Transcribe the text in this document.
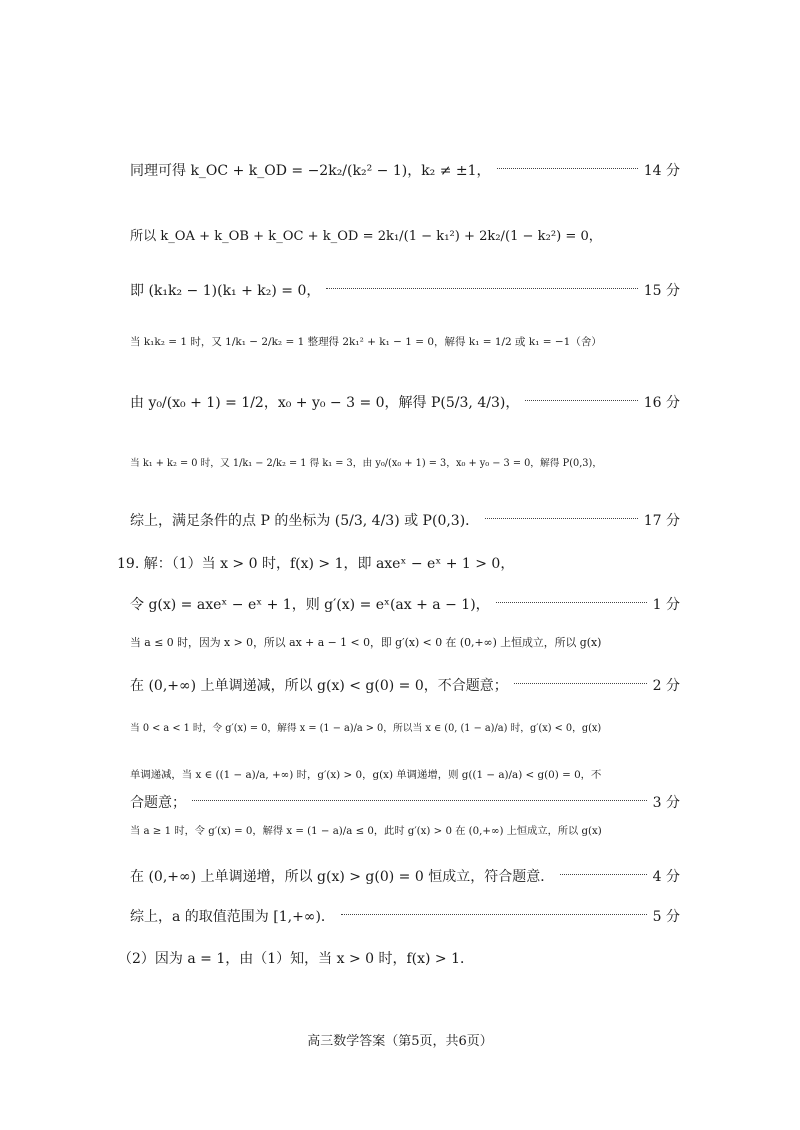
同理可得 k_OC + k_OD = −2k₂/(k₂² − 1)，k₂ ≠ ±1，	14 分
所以 k_OA + k_OB + k_OC + k_OD = 2k₁/(1 − k₁²) + 2k₂/(1 − k₂²) = 0，
即 (k₁k₂ − 1)(k₁ + k₂) = 0，	15 分
当 k₁k₂ = 1 时，又 1/k₁ − 2/k₂ = 1 整理得 2k₁² + k₁ − 1 = 0，解得 k₁ = 1/2 或 k₁ = −1（舍）
由 y₀/(x₀ + 1) = 1/2，x₀ + y₀ − 3 = 0，解得 P(5/3, 4/3)，	16 分
当 k₁ + k₂ = 0 时，又 1/k₁ − 2/k₂ = 1 得 k₁ = 3，由 y₀/(x₀ + 1) = 3，x₀ + y₀ − 3 = 0，解得 P(0,3)，
综上，满足条件的点 P 的坐标为 (5/3, 4/3) 或 P(0,3)．	17 分
19. 解：（1）当 x > 0 时，f(x) > 1，即 axeˣ − eˣ + 1 > 0，
令 g(x) = axeˣ − eˣ + 1，则 g′(x) = eˣ(ax + a − 1)，	1 分
当 a ≤ 0 时，因为 x > 0，所以 ax + a − 1 < 0，即 g′(x) < 0 在 (0,+∞) 上恒成立，所以 g(x)
在 (0,+∞) 上单调递减，所以 g(x) < g(0) = 0，不合题意；	2 分
当 0 < a < 1 时，令 g′(x) = 0，解得 x = (1 − a)/a > 0，所以当 x ∈ (0, (1 − a)/a) 时，g′(x) < 0，g(x)
单调递减，当 x ∈ ((1 − a)/a, +∞) 时，g′(x) > 0，g(x) 单调递增，则 g((1 − a)/a) < g(0) = 0，不
合题意；	3 分
当 a ≥ 1 时，令 g′(x) = 0，解得 x = (1 − a)/a ≤ 0，此时 g′(x) > 0 在 (0,+∞) 上恒成立，所以 g(x)
在 (0,+∞) 上单调递增，所以 g(x) > g(0) = 0 恒成立，符合题意．	4 分
综上，a 的取值范围为 [1,+∞)．	5 分
（2）因为 a = 1，由（1）知，当 x > 0 时，f(x) > 1．
高三数学答案（第5页，共6页）
